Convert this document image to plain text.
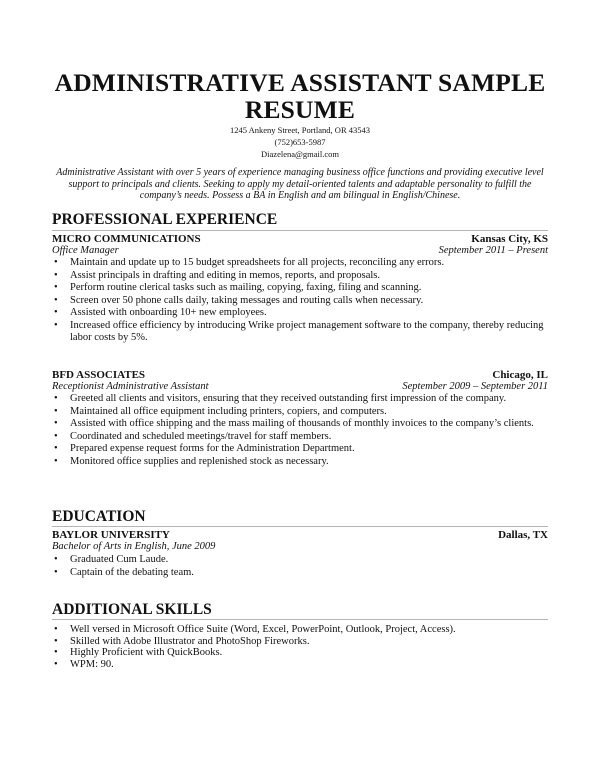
ADMINISTRATIVE ASSISTANT SAMPLE
RESUME
1245 Ankeny Street, Portland, OR 43543
(752)653-5987
Diazelena@gmail.com
Administrative Assistant with over 5 years of experience managing business office functions and providing executive level support to principals and clients. Seeking to apply my detail-oriented talents and adaptable personality to fulfill the company’s needs. Possess a BA in English and am bilingual in English/Chinese.
PROFESSIONAL EXPERIENCE
MICRO COMMUNICATIONS	Kansas City, KS
Office Manager	September 2011 – Present
• Maintain and update up to 15 budget spreadsheets for all projects, reconciling any errors.
• Assist principals in drafting and editing in memos, reports, and proposals.
• Perform routine clerical tasks such as mailing, copying, faxing, filing and scanning.
• Screen over 50 phone calls daily, taking messages and routing calls when necessary.
• Assisted with onboarding 10+ new employees.
• Increased office efficiency by introducing Wrike project management software to the company, thereby reducing labor costs by 5%.
BFD ASSOCIATES	Chicago, IL
Receptionist Administrative Assistant	September 2009 – September 2011
• Greeted all clients and visitors, ensuring that they received outstanding first impression of the company.
• Maintained all office equipment including printers, copiers, and computers.
• Assisted with office shipping and the mass mailing of thousands of monthly invoices to the company’s clients.
• Coordinated and scheduled meetings/travel for staff members.
• Prepared expense request forms for the Administration Department.
• Monitored office supplies and replenished stock as necessary.
EDUCATION
BAYLOR UNIVERSITY	Dallas, TX
Bachelor of Arts in English, June 2009
• Graduated Cum Laude.
• Captain of the debating team.
ADDITIONAL SKILLS
• Well versed in Microsoft Office Suite (Word, Excel, PowerPoint, Outlook, Project, Access).
• Skilled with Adobe Illustrator and PhotoShop Fireworks.
• Highly Proficient with QuickBooks.
• WPM: 90.
